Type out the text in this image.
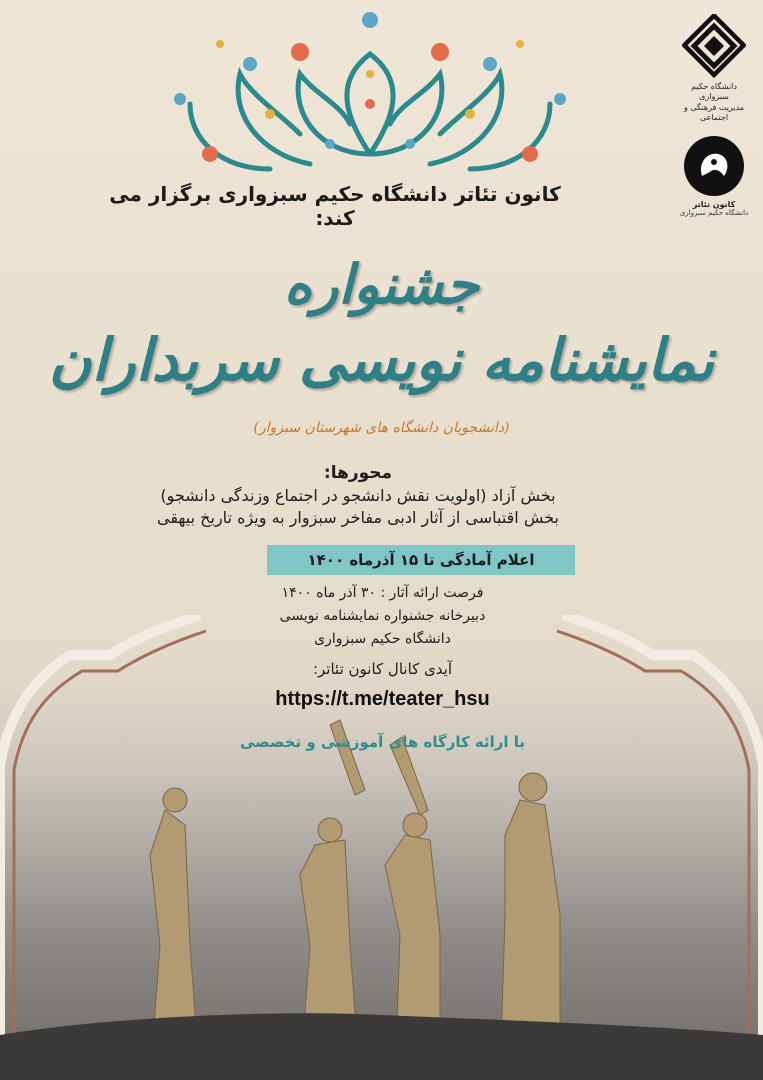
دانشگاه حکیم سبزواری
مدیریت فرهنگی و اجتماعی
کانون تئاتر
دانشگاه حکیم سبزواری
کانون تئاتر دانشگاه حکیم سبزواری برگزار می کند:
جشنواره
نمایشنامه نویسی سربداران
(دانشجویان دانشگاه های شهرستان سبزوار)
محورها:
بخش آزاد (اولویت نقش دانشجو در اجتماع وزندگی دانشجو)
بخش اقتباسی از آثار ادبی مفاخر سبزوار به ویژه تاریخ بیهقی
اعلام آمادگی تا ۱۵ آذرماه ۱۴۰۰
فرصت ارائه آثار : ۳۰ آذر ماه ۱۴۰۰
دبیرخانه جشنواره نمایشنامه نویسی
دانشگاه حکیم سبزواری
آیدی کانال کانون تئاتر:
https://t.me/teater_hsu
با ارائه کارگاه های آموزشی و تخصصی
